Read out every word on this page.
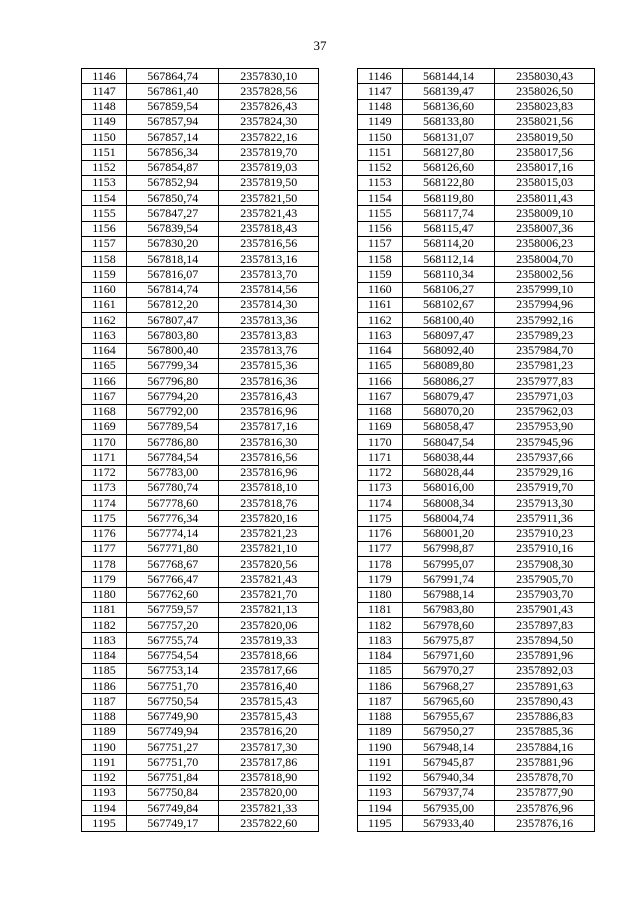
37
1146	567864,74	2357830,10		1146	568144,14	2358030,43
1147	567861,40	2357828,56		1147	568139,47	2358026,50
1148	567859,54	2357826,43		1148	568136,60	2358023,83
1149	567857,94	2357824,30		1149	568133,80	2358021,56
1150	567857,14	2357822,16		1150	568131,07	2358019,50
1151	567856,34	2357819,70		1151	568127,80	2358017,56
1152	567854,87	2357819,03		1152	568126,60	2358017,16
1153	567852,94	2357819,50		1153	568122,80	2358015,03
1154	567850,74	2357821,50		1154	568119,80	2358011,43
1155	567847,27	2357821,43		1155	568117,74	2358009,10
1156	567839,54	2357818,43		1156	568115,47	2358007,36
1157	567830,20	2357816,56		1157	568114,20	2358006,23
1158	567818,14	2357813,16		1158	568112,14	2358004,70
1159	567816,07	2357813,70		1159	568110,34	2358002,56
1160	567814,74	2357814,56		1160	568106,27	2357999,10
1161	567812,20	2357814,30		1161	568102,67	2357994,96
1162	567807,47	2357813,36		1162	568100,40	2357992,16
1163	567803,80	2357813,83		1163	568097,47	2357989,23
1164	567800,40	2357813,76		1164	568092,40	2357984,70
1165	567799,34	2357815,36		1165	568089,80	2357981,23
1166	567796,80	2357816,36		1166	568086,27	2357977,83
1167	567794,20	2357816,43		1167	568079,47	2357971,03
1168	567792,00	2357816,96		1168	568070,20	2357962,03
1169	567789,54	2357817,16		1169	568058,47	2357953,90
1170	567786,80	2357816,30		1170	568047,54	2357945,96
1171	567784,54	2357816,56		1171	568038,44	2357937,66
1172	567783,00	2357816,96		1172	568028,44	2357929,16
1173	567780,74	2357818,10		1173	568016,00	2357919,70
1174	567778,60	2357818,76		1174	568008,34	2357913,30
1175	567776,34	2357820,16		1175	568004,74	2357911,36
1176	567774,14	2357821,23		1176	568001,20	2357910,23
1177	567771,80	2357821,10		1177	567998,87	2357910,16
1178	567768,67	2357820,56		1178	567995,07	2357908,30
1179	567766,47	2357821,43		1179	567991,74	2357905,70
1180	567762,60	2357821,70		1180	567988,14	2357903,70
1181	567759,57	2357821,13		1181	567983,80	2357901,43
1182	567757,20	2357820,06		1182	567978,60	2357897,83
1183	567755,74	2357819,33		1183	567975,87	2357894,50
1184	567754,54	2357818,66		1184	567971,60	2357891,96
1185	567753,14	2357817,66		1185	567970,27	2357892,03
1186	567751,70	2357816,40		1186	567968,27	2357891,63
1187	567750,54	2357815,43		1187	567965,60	2357890,43
1188	567749,90	2357815,43		1188	567955,67	2357886,83
1189	567749,94	2357816,20		1189	567950,27	2357885,36
1190	567751,27	2357817,30		1190	567948,14	2357884,16
1191	567751,70	2357817,86		1191	567945,87	2357881,96
1192	567751,84	2357818,90		1192	567940,34	2357878,70
1193	567750,84	2357820,00		1193	567937,74	2357877,90
1194	567749,84	2357821,33		1194	567935,00	2357876,96
1195	567749,17	2357822,60		1195	567933,40	2357876,16
